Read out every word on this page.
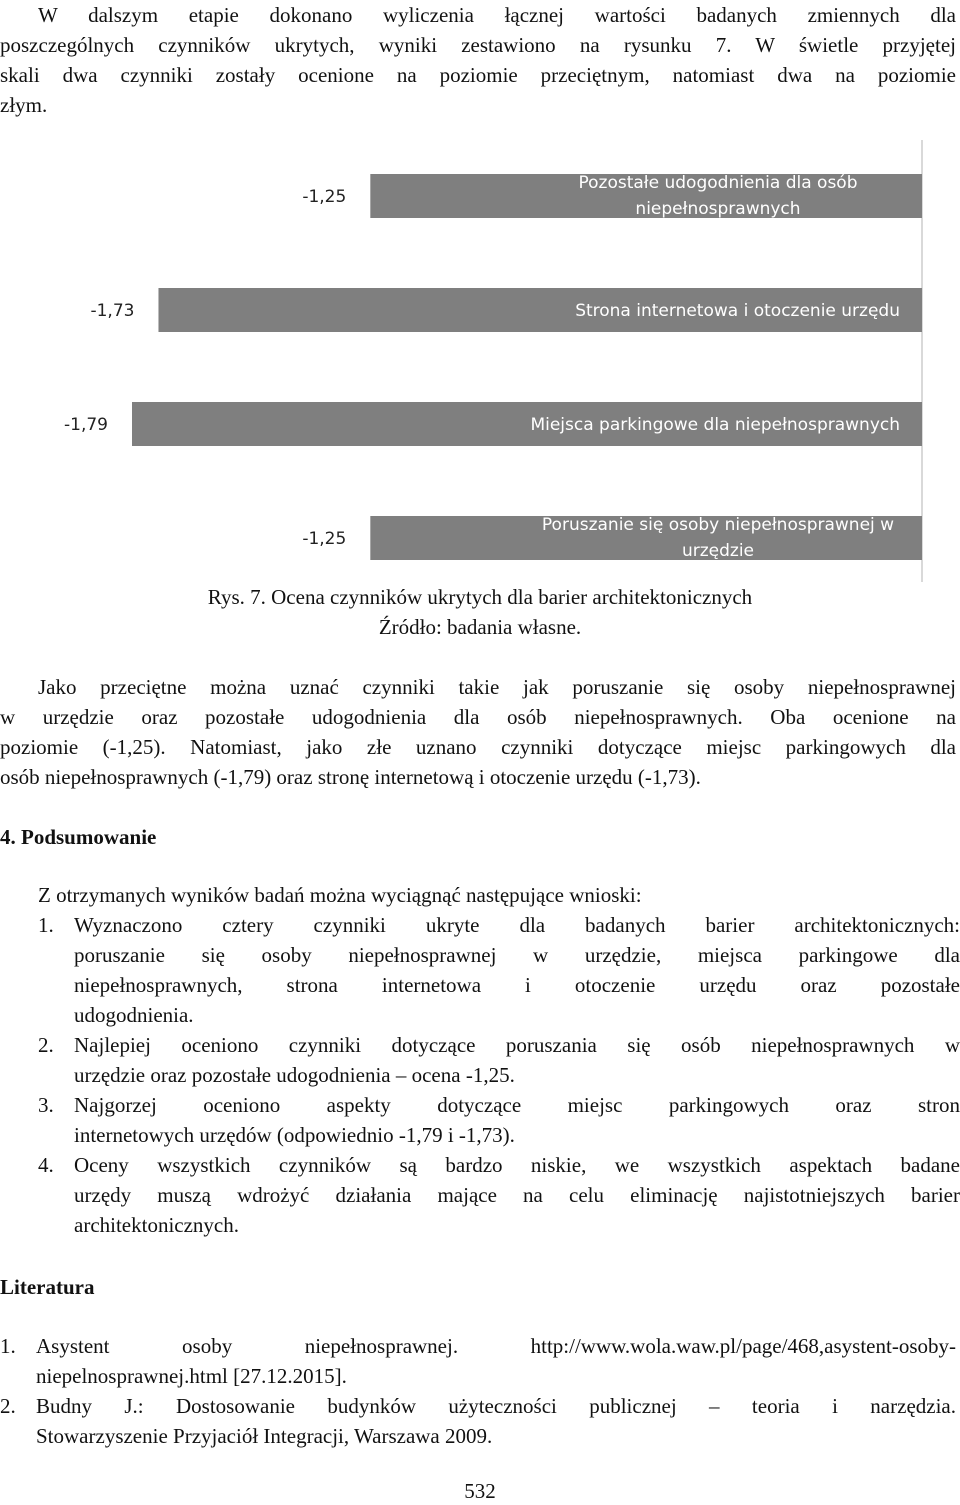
W dalszym etapie dokonano wyliczenia łącznej wartości badanych zmiennych dla
poszczególnych czynników ukrytych, wyniki zestawiono na rysunku 7. W świetle przyjętej
skali dwa czynniki zostały ocenione na poziomie przeciętnym, natomiast dwa na poziomie
złym.
-1,25
Pozostałe udogodnienia dla osób
niepełnosprawnych
-1,73	Strona internetowa i otoczenie urzędu
-1,79	Miejsca parkingowe dla niepełnosprawnych
-1,25
Poruszanie się osoby niepełnosprawnej w
urzędzie
Rys. 7. Ocena czynników ukrytych dla barier architektonicznych
Źródło: badania własne.
Jako przeciętne można uznać czynniki takie jak poruszanie się osoby niepełnosprawnej
w urzędzie oraz pozostałe udogodnienia dla osób niepełnosprawnych. Oba ocenione na
poziomie (-1,25). Natomiast, jako złe uznano czynniki dotyczące miejsc parkingowych dla
osób niepełnosprawnych (-1,79) oraz stronę internetową i otoczenie urzędu (-1,73).
4. Podsumowanie
Z otrzymanych wyników badań można wyciągnąć następujące wnioski:
1. Wyznaczono cztery czynniki ukryte dla badanych barier architektonicznych:
poruszanie się osoby niepełnosprawnej w urzędzie, miejsca parkingowe dla
niepełnosprawnych, strona internetowa i otoczenie urzędu oraz pozostałe
udogodnienia.
2. Najlepiej oceniono czynniki dotyczące poruszania się osób niepełnosprawnych w
urzędzie oraz pozostałe udogodnienia – ocena -1,25.
3. Najgorzej oceniono aspekty dotyczące miejsc parkingowych oraz stron
internetowych urzędów (odpowiednio -1,79 i -1,73).
4. Oceny wszystkich czynników są bardzo niskie, we wszystkich aspektach badane
urzędy muszą wdrożyć działania mające na celu eliminację najistotniejszych barier
architektonicznych.
Literatura
1. Asystent osoby niepełnosprawnej. http://www.wola.waw.pl/page/468,asystent-osoby-
niepelnosprawnej.html [27.12.2015].
2. Budny J.: Dostosowanie budynków użyteczności publicznej – teoria i narzędzia.
Stowarzyszenie Przyjaciół Integracji, Warszawa 2009.
532
